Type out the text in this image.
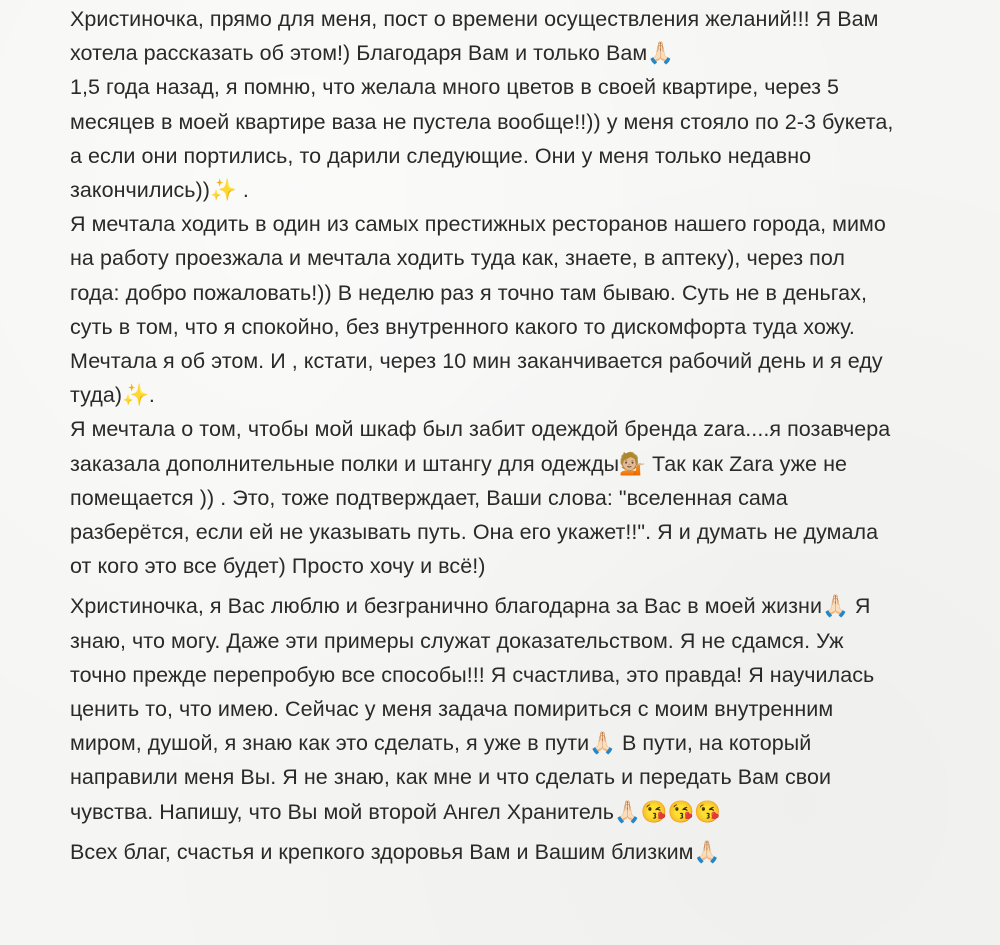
Христиночка, прямо для меня, пост о времени осуществления желаний!!! Я Вам
хотела рассказать об этом!) Благодаря Вам и только Вам🙏🏻

1,5 года назад, я помню, что желала много цветов в своей квартире, через 5
месяцев в моей квартире ваза не пустела вообще!!)) у меня стояло по 2-3 букета,
а если они портились, то дарили следующие. Они у меня только недавно
закончились))✨ .

Я мечтала ходить в один из самых престижных ресторанов нашего города, мимо
на работу проезжала и мечтала ходить туда как, знаете, в аптеку), через пол
года: добро пожаловать!)) В неделю раз я точно там бываю. Суть не в деньгах,
суть в том, что я спокойно, без внутренного какого то дискомфорта туда хожу.
Мечтала я об этом. И , кстати, через 10 мин заканчивается рабочий день и я еду
туда)✨.

Я мечтала о том, чтобы мой шкаф был забит одеждой бренда zara....я позавчера
заказала дополнительные полки и штангу для одежды💁🏼 Так как Zara уже не
помещается )) . Это, тоже подтверждает, Ваши слова: "вселенная сама
разберётся, если ей не указывать путь. Она его укажет!!". Я и думать не думала
от кого это все будет) Просто хочу и всё!)

Христиночка, я Вас люблю и безгранично благодарна за Вас в моей жизни🙏🏻 Я
знаю, что могу. Даже эти примеры служат доказательством. Я не сдамся. Уж
точно прежде перепробую все способы!!! Я счастлива, это правда! Я научилась
ценить то, что имею. Сейчас у меня задача помириться с моим внутренним
миром, душой, я знаю как это сделать, я уже в пути🙏🏻 В пути, на который
направили меня Вы. Я не знаю, как мне и что сделать и передать Вам свои
чувства. Напишу, что Вы мой второй Ангел Хранитель🙏🏻😘😘😘

Всех благ, счастья и крепкого здоровья Вам и Вашим близким🙏🏻
